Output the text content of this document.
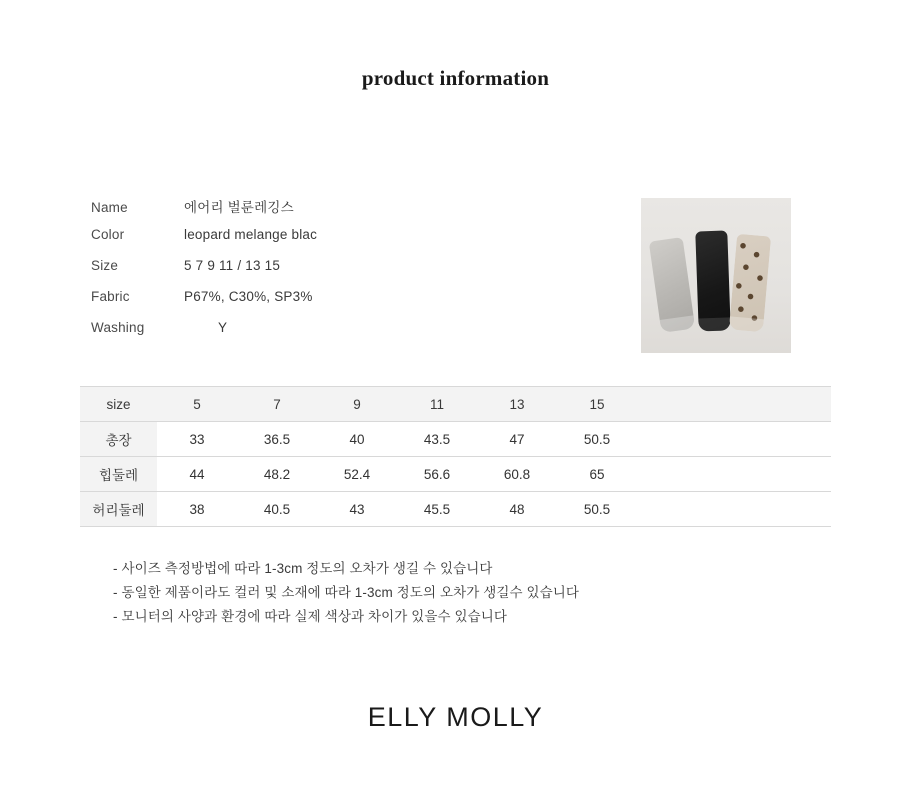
product information
Name	에어리 벌룬레깅스
Color	leopard melange blac
Size	5 7 9 11 / 13 15
Fabric	P67%, C30%, SP3%
Washing	Y
size	5	7	9	11	13	15	
총장	33	36.5	40	43.5	47	50.5	
힙둘레	44	48.2	52.4	56.6	60.8	65	
허리둘레	38	40.5	43	45.5	48	50.5	
- 사이즈 측정방법에 따라 1-3cm 정도의 오차가 생길 수 있습니다
- 동일한 제품이라도 컬러 및 소재에 따라 1-3cm 정도의 오차가 생길수 있습니다
- 모니터의 사양과 환경에 따라 실제 색상과 차이가 있을수 있습니다
ELLY MOLLY
